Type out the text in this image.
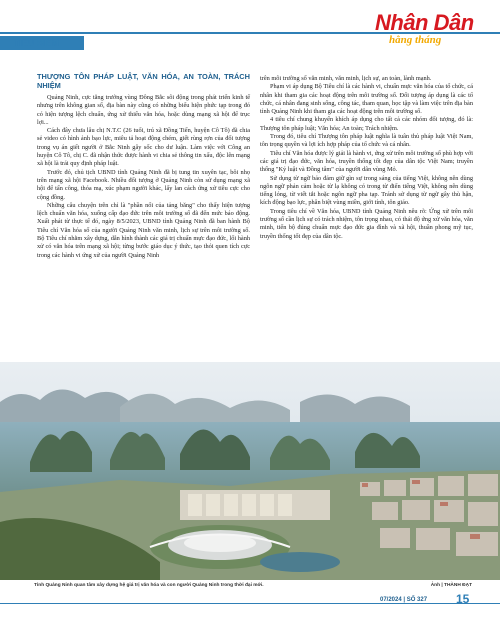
TIÊU ĐIỂM
Nhân Dân
hằng tháng
THƯỢNG TÔN PHÁP LUẬT, VĂN HÓA, AN TOÀN, TRÁCH NHIỆM

Quảng Ninh, cực tăng trưởng vùng Đông Bắc sôi động trong phát triển kinh tế nhưng trên không gian số, địa bàn này cũng có những biểu hiện phức tạp trong đó có hiện tượng lệch chuẩn, ứng xử thiếu văn hóa, hoặc dùng mạng xã hội để trục lợi...

Cách đây chưa lâu chị N.T.C (26 tuổi, trú xã Đồng Tiến, huyện Cô Tô) đã chia sẻ video có hình ảnh bạo lực, miêu tả hoạt động chém, giết rùng rợn của đối tượng trong vụ án giết người ở Bắc Ninh gây sốc cho dư luận. Làm việc với Công an huyện Cô Tô, chị C. đã nhận thức được hành vi chia sẻ thông tin xấu, độc lên mạng xã hội là trái quy định pháp luật.

Trước đó, chủ tịch UBND tỉnh Quảng Ninh đã bị tung tin xuyên tạc, bôi nhọ trên mạng xã hội Facebook. Nhiều đối tượng ở Quảng Ninh còn sử dụng mạng xã hội để tấn công, thóa mạ, xúc phạm người khác, lấy lan cách ứng xử tiêu cực cho cộng đồng.

Những câu chuyện trên chỉ là "phần nổi của tảng băng" cho thấy hiện tượng lệch chuẩn văn hóa, xuống cấp đạo đức trên môi trường số đã đến mức báo động. Xuất phát từ thực tế đó, ngày 8/5/2023, UBND tỉnh Quảng Ninh đã ban hành Bộ Tiêu chí Văn hóa số của người Quảng Ninh văn minh, lịch sự trên môi trường số. Bộ Tiêu chí nhằm xây dựng, dẫn hình thành các giá trị chuẩn mực đạo đức, lối hành xử có văn hóa trên mạng xã hội; từng bước giáo dục ý thức, tạo thói quen tích cực trong các hành vi ứng xử của người Quảng Ninh

trên môi trường số văn minh, văn minh, lịch sự, an toàn, lành mạnh.

Phạm vi áp dụng Bộ Tiêu chí là các hành vi, chuẩn mực văn hóa của tổ chức, cá nhân khi tham gia các hoạt động trên môi trường số. Đối tượng áp dụng là các tổ chức, cá nhân đang sinh sống, công tác, tham quan, học tập và làm việc trên địa bàn tỉnh Quảng Ninh khi tham gia các hoạt động trên môi trường số.

4 tiêu chí chung khuyến khích áp dụng cho tất cả các nhóm đối tượng, đó là: Thượng tôn pháp luật; Văn hóa; An toàn; Trách nhiệm.

Trong đó, tiêu chí Thượng tôn pháp luật nghĩa là tuân thủ pháp luật Việt Nam, tôn trọng quyền và lợi ích hợp pháp của tổ chức và cá nhân.

Tiêu chí Văn hóa được lý giải là hành vi, ứng xử trên môi trường số phù hợp với các giá trị đạo đức, văn hóa, truyền thống tốt đẹp của dân tộc Việt Nam; truyền thống "Kỷ luật và Đồng tâm" của người dân vùng Mỏ.

Sử dụng từ ngữ bảo đảm giữ gìn sự trong sáng của tiếng Việt, không nên dùng ngôn ngữ phản cảm hoặc từ lạ không có trong từ điển tiếng Việt, không nên dùng tiếng lóng, từ viết tắt hoặc ngôn ngữ pha tạp. Tránh sử dụng từ ngữ gây thù hận, kích động bạo lực, phân biệt vùng miền, giới tính, tôn giáo.

Trong tiêu chí về Văn hóa, UBND tỉnh Quảng Ninh nêu rõ: Ứng xử trên môi trường số cần lịch sự có trách nhiệm, tôn trọng nhau, có thái độ ứng xử văn hóa, văn minh, tiến bộ đúng chuẩn mực đạo đức gia đình và xã hội, thuần phong mỹ tục, truyền thống tốt đẹp của dân tộc.

Tỉnh Quảng Ninh quan tâm xây dựng hệ giá trị văn hóa và con người Quảng Ninh trong thời đại mới.	Ảnh | THÀNH ĐẠT
07/2024 | SỐ 327 15
